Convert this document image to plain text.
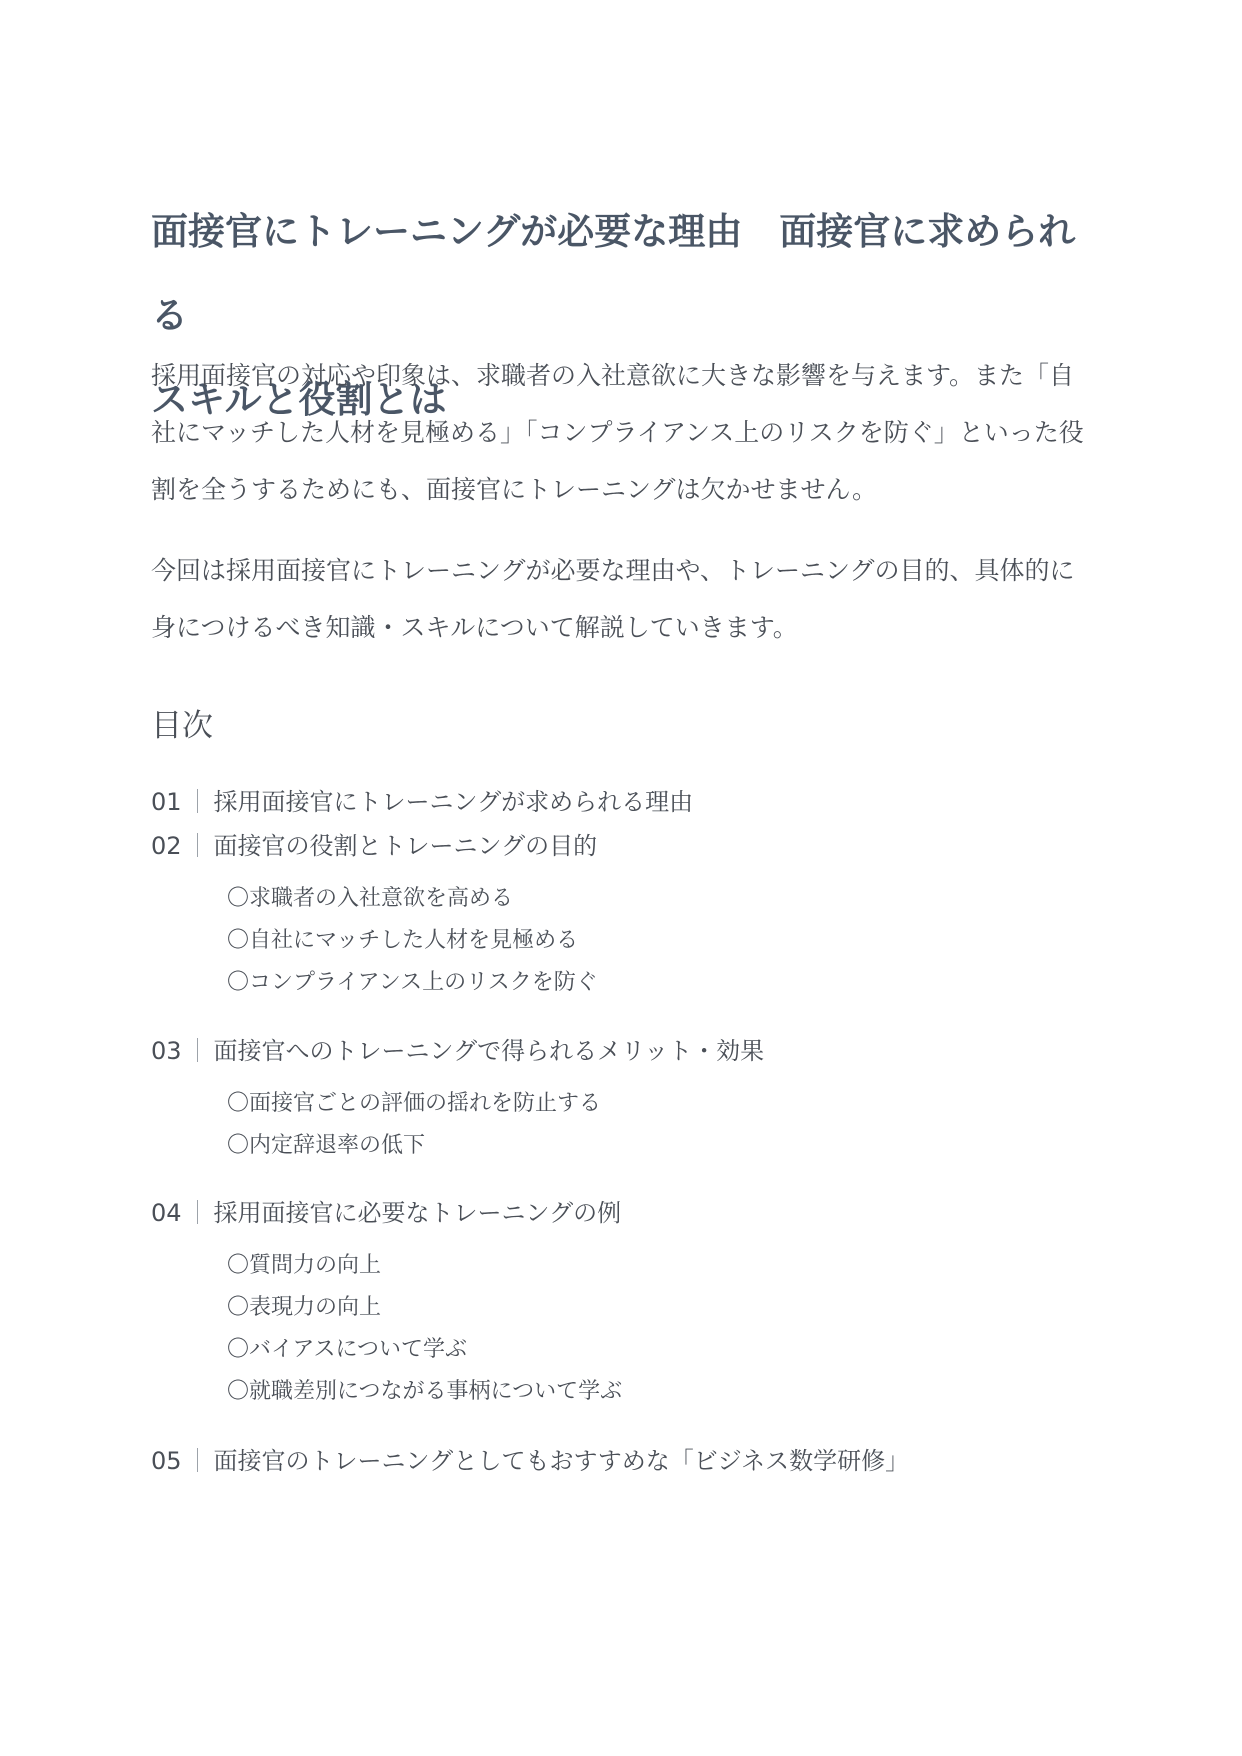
面接官にトレーニングが必要な理由　面接官に求められる
スキルと役割とは

採用面接官の対応や印象は、求職者の入社意欲に大きな影響を与えます。また「自社にマッチした人材を見極める」「コンプライアンス上のリスクを防ぐ」といった役割を全うするためにも、面接官にトレーニングは欠かせません。

今回は採用面接官にトレーニングが必要な理由や、トレーニングの目的、具体的に身につけるべき知識・スキルについて解説していきます。

目次
01 ｜ 採用面接官にトレーニングが求められる理由
02 ｜ 面接官の役割とトレーニングの目的
〇求職者の入社意欲を高める
〇自社にマッチした人材を見極める
〇コンプライアンス上のリスクを防ぐ
03 ｜ 面接官へのトレーニングで得られるメリット・効果
〇面接官ごとの評価の揺れを防止する
〇内定辞退率の低下
04 ｜ 採用面接官に必要なトレーニングの例
〇質問力の向上
〇表現力の向上
〇バイアスについて学ぶ
〇就職差別につながる事柄について学ぶ
05 ｜ 面接官のトレーニングとしてもおすすめな「ビジネス数学研修」
